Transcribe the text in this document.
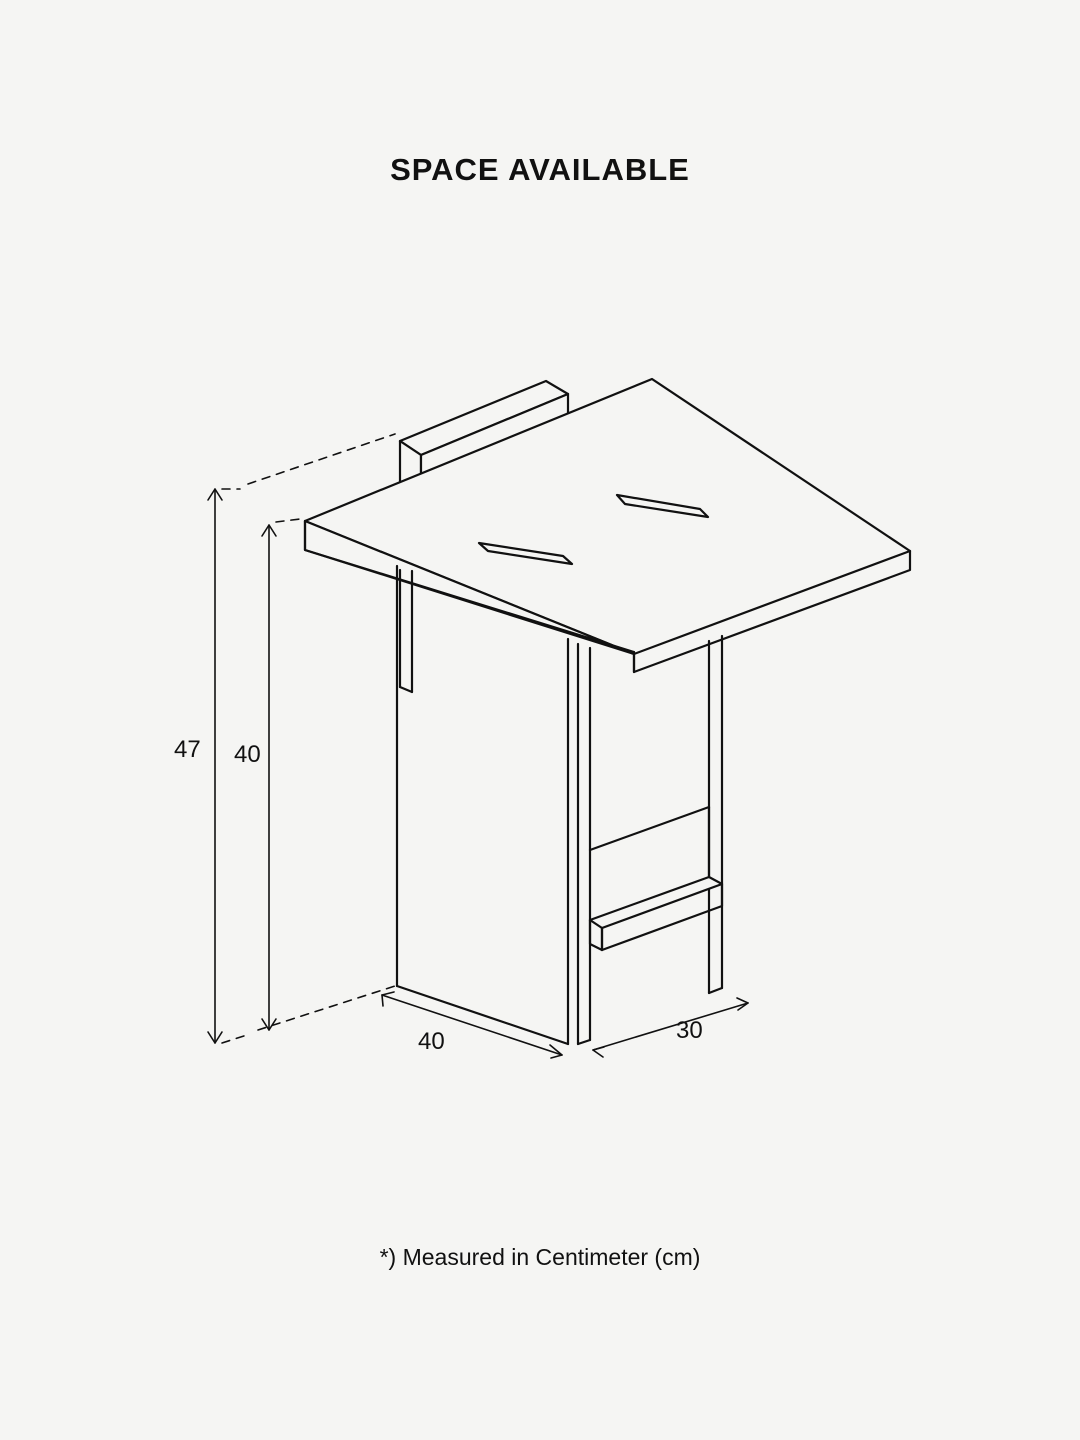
SPACE AVAILABLE
47 40
40	30
*) Measured in Centimeter (cm)
